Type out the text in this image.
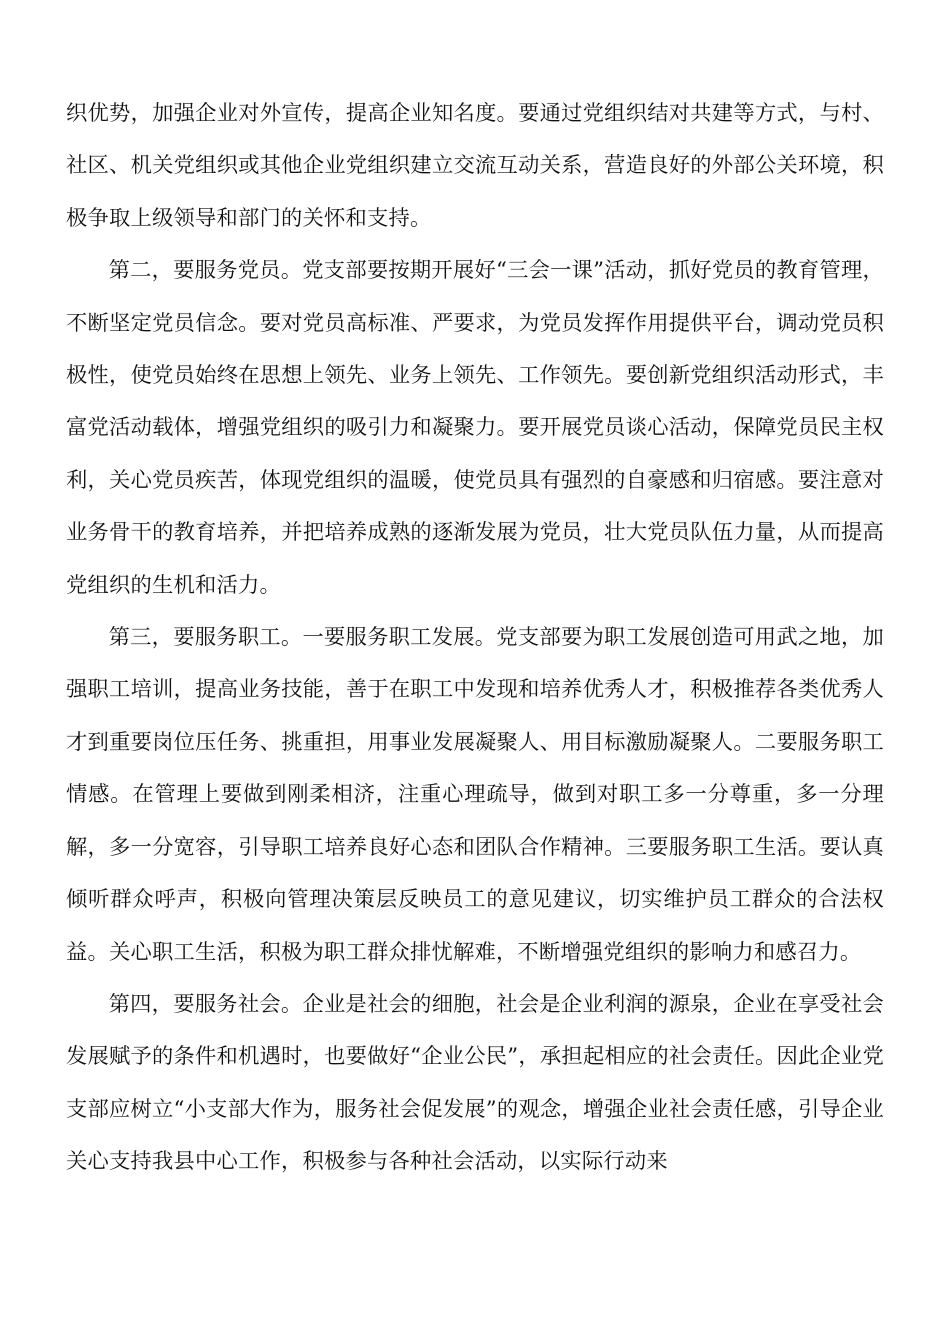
织优势，加强企业对外宣传，提高企业知名度。要通过党组织结对共建等方式，与村、社区、机关党组织或其他企业党组织建立交流互动关系，营造良好的外部公关环境，积极争取上级领导和部门的关怀和支持。

第二，要服务党员。党支部要按期开展好“三会一课”活动，抓好党员的教育管理，不断坚定党员信念。要对党员高标准、严要求，为党员发挥作用提供平台，调动党员积极性，使党员始终在思想上领先、业务上领先、工作领先。要创新党组织活动形式，丰富党活动载体，增强党组织的吸引力和凝聚力。要开展党员谈心活动，保障党员民主权利，关心党员疾苦，体现党组织的温暖，使党员具有强烈的自豪感和归宿感。要注意对业务骨干的教育培养，并把培养成熟的逐渐发展为党员，壮大党员队伍力量，从而提高党组织的生机和活力。

第三，要服务职工。一要服务职工发展。党支部要为职工发展创造可用武之地，加强职工培训，提高业务技能，善于在职工中发现和培养优秀人才，积极推荐各类优秀人才到重要岗位压任务、挑重担，用事业发展凝聚人、用目标激励凝聚人。二要服务职工情感。在管理上要做到刚柔相济，注重心理疏导，做到对职工多一分尊重，多一分理解，多一分宽容，引导职工培养良好心态和团队合作精神。三要服务职工生活。要认真倾听群众呼声，积极向管理决策层反映员工的意见建议，切实维护员工群众的合法权益。关心职工生活，积极为职工群众排忧解难，不断增强党组织的影响力和感召力。

第四，要服务社会。企业是社会的细胞，社会是企业利润的源泉，企业在享受社会发展赋予的条件和机遇时，也要做好“企业公民”，承担起相应的社会责任。因此企业党支部应树立“小支部大作为，服务社会促发展”的观念，增强企业社会责任感，引导企业关心支持我县中心工作，积极参与各种社会活动，以实际行动来
